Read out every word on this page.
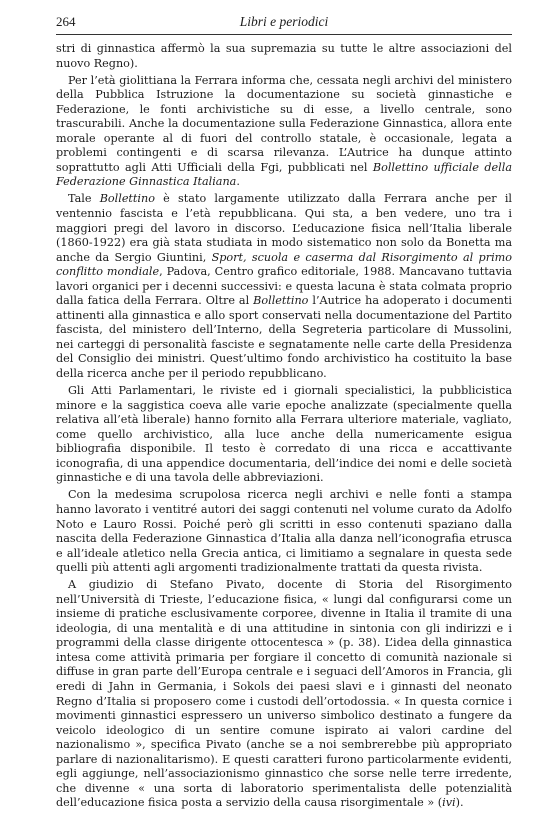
264	Libri e periodici

stri di ginnastica affermò la sua supremazia su tutte le altre associazioni del nuovo Regno).

Per l’età giolittiana la Ferrara informa che, cessata negli archivi del ministero della Pubblica Istruzione la documentazione su società ginnastiche e Federazione, le fonti archivistiche su di esse, a livello centrale, sono trascurabili. Anche la documentazione sulla Federazione Ginnastica, allora ente morale operante al di fuori del controllo statale, è occasionale, legata a problemi contingenti e di scarsa rilevanza. L’Autrice ha dunque attinto soprattutto agli Atti Ufficiali della Fgi, pubblicati nel Bollettino ufficiale della Federazione Ginnastica Italiana.

Tale Bollettino è stato largamente utilizzato dalla Ferrara anche per il ventennio fascista e l’età repubblicana. Qui sta, a ben vedere, uno tra i maggiori pregi del lavoro in discorso. L’educazione fisica nell’Italia liberale (1860-1922) era già stata studiata in modo sistematico non solo da Bonetta ma anche da Sergio Giuntini, Sport, scuola e caserma dal Risorgimento al primo conflitto mondiale, Padova, Centro grafico editoriale, 1988. Mancavano tuttavia lavori organici per i decenni successivi: e questa lacuna è stata colmata proprio dalla fatica della Ferrara. Oltre al Bollettino l’Autrice ha adoperato i documenti attinenti alla ginnastica e allo sport conservati nella documentazione del Partito fascista, del ministero dell’Interno, della Segreteria particolare di Mussolini, nei carteggi di personalità fasciste e segnatamente nelle carte della Presidenza del Consiglio dei ministri. Quest’ultimo fondo archivistico ha costituito la base della ricerca anche per il periodo repubblicano.

Gli Atti Parlamentari, le riviste ed i giornali specialistici, la pubblicistica minore e la saggistica coeva alle varie epoche analizzate (specialmente quella relativa all’età liberale) hanno fornito alla Ferrara ulteriore materiale, vagliato, come quello archivistico, alla luce anche della numericamente esigua bibliografia disponibile. Il testo è corredato di una ricca e accattivante iconografia, di una appendice documentaria, dell’indice dei nomi e delle società ginnastiche e di una tavola delle abbreviazioni.

Con la medesima scrupolosa ricerca negli archivi e nelle fonti a stampa hanno lavorato i ventitré autori dei saggi contenuti nel volume curato da Adolfo Noto e Lauro Rossi. Poiché però gli scritti in esso contenuti spaziano dalla nascita della Federazione Ginnastica d’Italia alla danza nell’iconografia etrusca e all’ideale atletico nella Grecia antica, ci limitiamo a segnalare in questa sede quelli più attenti agli argomenti tradizionalmente trattati da questa rivista.

A giudizio di Stefano Pivato, docente di Storia del Risorgimento nell’Università di Trieste, l’educazione fisica, « lungi dal configurarsi come un insieme di pratiche esclusivamente corporee, divenne in Italia il tramite di una ideologia, di una mentalità e di una attitudine in sintonia con gli indirizzi e i programmi della classe dirigente ottocentesca » (p. 38). L’idea della ginnastica intesa come attività primaria per forgiare il concetto di comunità nazionale si diffuse in gran parte dell’Europa centrale e i seguaci dell’Amoros in Francia, gli eredi di Jahn in Germania, i Sokols dei paesi slavi e i ginnasti del neonato Regno d’Italia si proposero come i custodi dell’ortodossia. « In questa cornice i movimenti ginnastici espressero un universo simbolico destinato a fungere da veicolo ideologico di un sentire comune ispirato ai valori cardine del nazionalismo », specifica Pivato (anche se a noi sembrerebbe più appropriato parlare di nazionalitarismo). E questi caratteri furono particolarmente evidenti, egli aggiunge, nell’associazionismo ginnastico che sorse nelle terre irredente, che divenne « una sorta di laboratorio sperimentalista delle potenzialità dell’educazione fisica posta a servizio della causa risorgimentale » (ivi).
